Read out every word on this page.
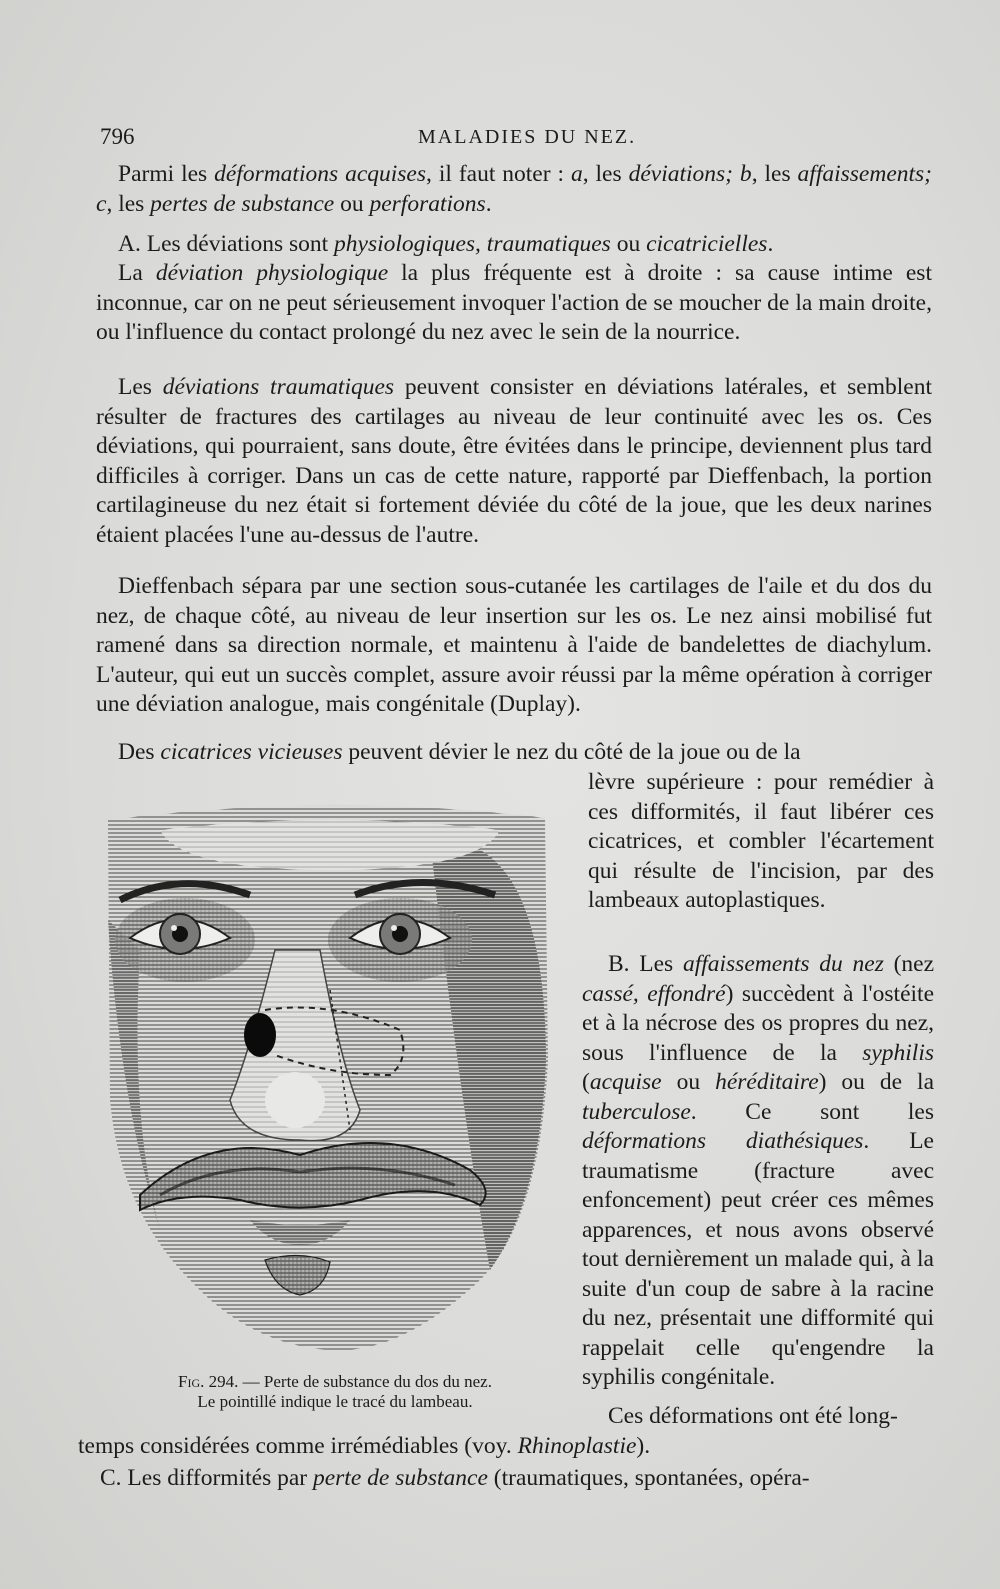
796	MALADIES DU NEZ.

Parmi les déformations acquises, il faut noter : a, les déviations; b, les affaissements; c, les pertes de substance ou perforations.

A. Les déviations sont physiologiques, traumatiques ou cicatricielles.

La déviation physiologique la plus fréquente est à droite : sa cause intime est inconnue, car on ne peut sérieusement invoquer l'action de se moucher de la main droite, ou l'influence du contact prolongé du nez avec le sein de la nourrice.

Les déviations traumatiques peuvent consister en déviations latérales, et semblent résulter de fractures des cartilages au niveau de leur continuité avec les os. Ces déviations, qui pourraient, sans doute, être évitées dans le principe, deviennent plus tard difficiles à corriger. Dans un cas de cette nature, rapporté par Dieffenbach, la portion cartilagineuse du nez était si fortement déviée du côté de la joue, que les deux narines étaient placées l'une au-dessus de l'autre.

Dieffenbach sépara par une section sous-cutanée les cartilages de l'aile et du dos du nez, de chaque côté, au niveau de leur insertion sur les os. Le nez ainsi mobilisé fut ramené dans sa direction normale, et maintenu à l'aide de bandelettes de diachylum. L'auteur, qui eut un succès complet, assure avoir réussi par la même opération à corriger une déviation analogue, mais congénitale (Duplay).

Des cicatrices vicieuses peuvent dévier le nez du côté de la joue ou de la

lèvre supérieure : pour remédier à ces difformités, il faut libérer ces cicatrices, et combler l'écartement qui résulte de l'incision, par des lambeaux autoplastiques.

B. Les affaissements du nez (nez cassé, effondré) succèdent à l'ostéite et à la nécrose des os propres du nez, sous l'influence de la syphilis (acquise ou héréditaire) ou de la tuberculose. Ce sont les déformations diathésiques. Le traumatisme (fracture avec enfoncement) peut créer ces mêmes apparences, et nous avons observé tout dernièrement un malade qui, à la suite d'un coup de sabre à la racine du nez, présentait une difformité qui rappelait celle qu'engendre la syphilis congénitale.

Ces déformations ont été long-

temps considérées comme irrémédiables (voy. Rhinoplastie).

C. Les difformités par perte de substance (traumatiques, spontanées, opéra-

Fig. 294. — Perte de substance du dos du nez.
Le pointillé indique le tracé du lambeau.
